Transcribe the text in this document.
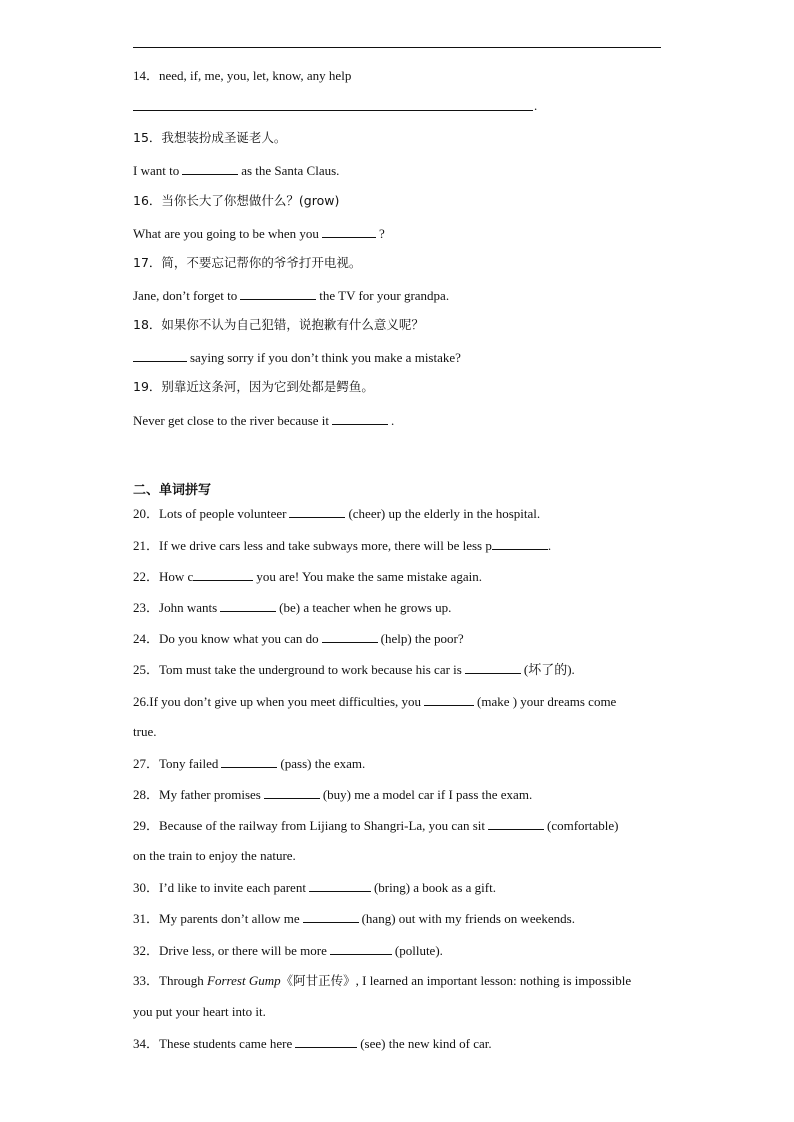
14．need, if, me, you, let, know, any help
.
15．我想装扮成圣诞老人。
I want to	as the Santa Claus.
16．当你长大了你想做什么？(grow)
What are you going to be when you	?
17．简，不要忘记帮你的爷爷打开电视。
Jane, don’t forget to	the TV for your grandpa.
18．如果你不认为自己犯错，说抱歉有什么意义呢？
saying sorry if you don’t think you make a mistake?
19．别靠近这条河，因为它到处都是鳄鱼。
Never get close to the river because it	.
二、单词拼写
20．Lots of people volunteer	(cheer) up the elderly in the hospital.
21．If we drive cars less and take subways more, there will be less p	.
22．How c	you are! You make the same mistake again.
23．John wants	(be) a teacher when he grows up.
24．Do you know what you can do	(help) the poor?
25．Tom must take the underground to work because his car is	(坏了的).
26.If you don’t give up when you meet difficulties, you	(make ) your dreams come
true.
27．Tony failed	(pass) the exam.
28．My father promises	(buy) me a model car if I pass the exam.
29．Because of the railway from Lijiang to Shangri-La, you can sit	(comfortable)
on the train to enjoy the nature.
30．I’d like to invite each parent	(bring) a book as a gift.
31．My parents don’t allow me	(hang) out with my friends on weekends.
32．Drive less, or there will be more	(pollute).
33．Through Forrest Gump《阿甘正传》, I learned an important lesson: nothing is impossible
you put your heart into it.
34．These students came here	(see) the new kind of car.
